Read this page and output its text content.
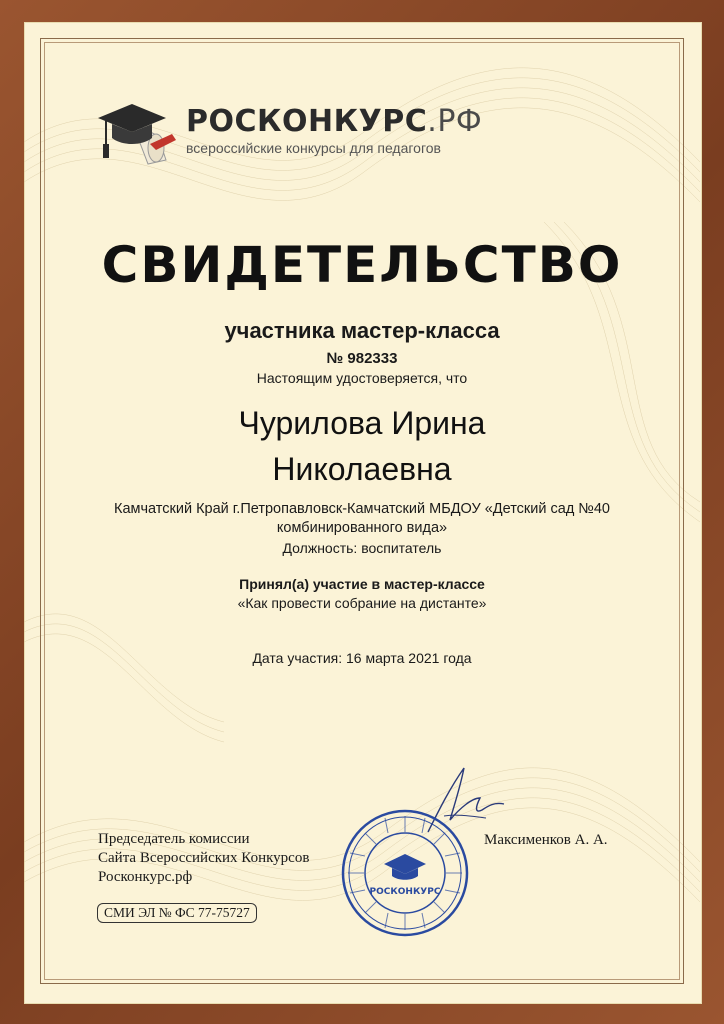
РОСКОНКУРС.РФ
всероссийские конкурсы для педагогов
СВИДЕТЕЛЬСТВО
участника мастер-класса
№ 982333
Настоящим удостоверяется, что
Чурилова Ирина
Николаевна
Камчатский Край г.Петропавловск-Камчатский МБДОУ «Детский сад №40 комбинированного вида»
Должность: воспитатель
Принял(а) участие в мастер-классе
«Как провести собрание на дистанте»
Дата участия: 16 марта 2021 года
РОСКОНКУРС
Председатель комиссии
Сайта Всероссийских Конкурсов
Росконкурс.рф
Максименков А. А.
СМИ ЭЛ № ФС 77-75727
